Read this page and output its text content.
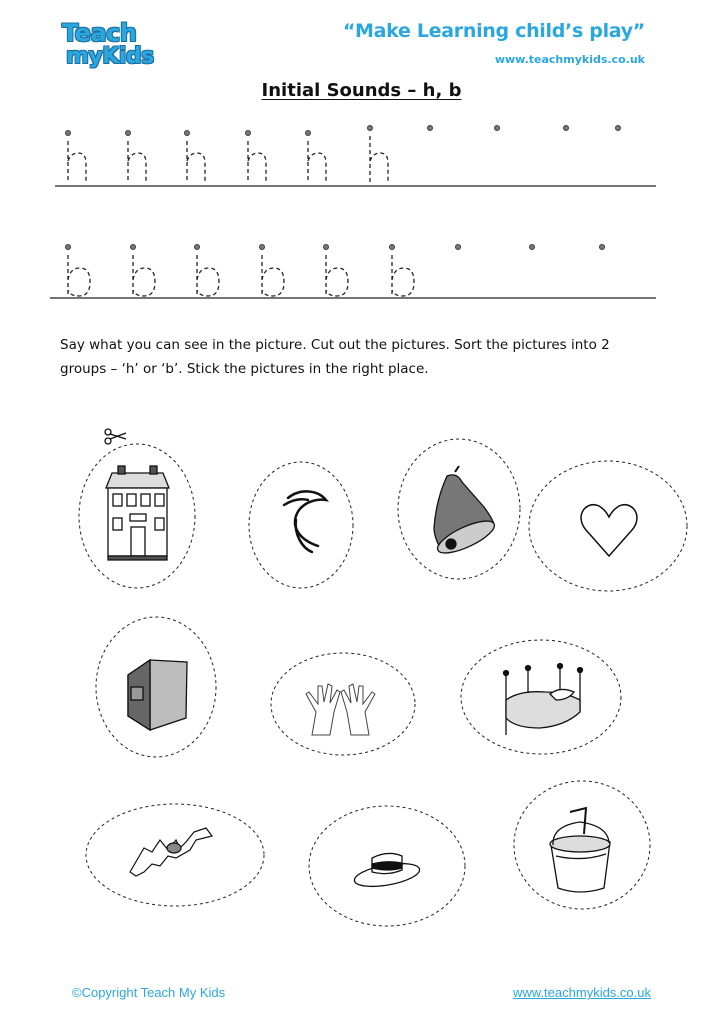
Teach
myKids
“Make Learning child’s play”
www.teachmykids.co.uk
Initial Sounds – h, b

Say what you can see in the picture. Cut out the pictures. Sort the pictures into 2

groups – ‘h’ or ‘b’. Stick the pictures in the right place.

©Copyright Teach My Kids	www.teachmykids.co.uk
